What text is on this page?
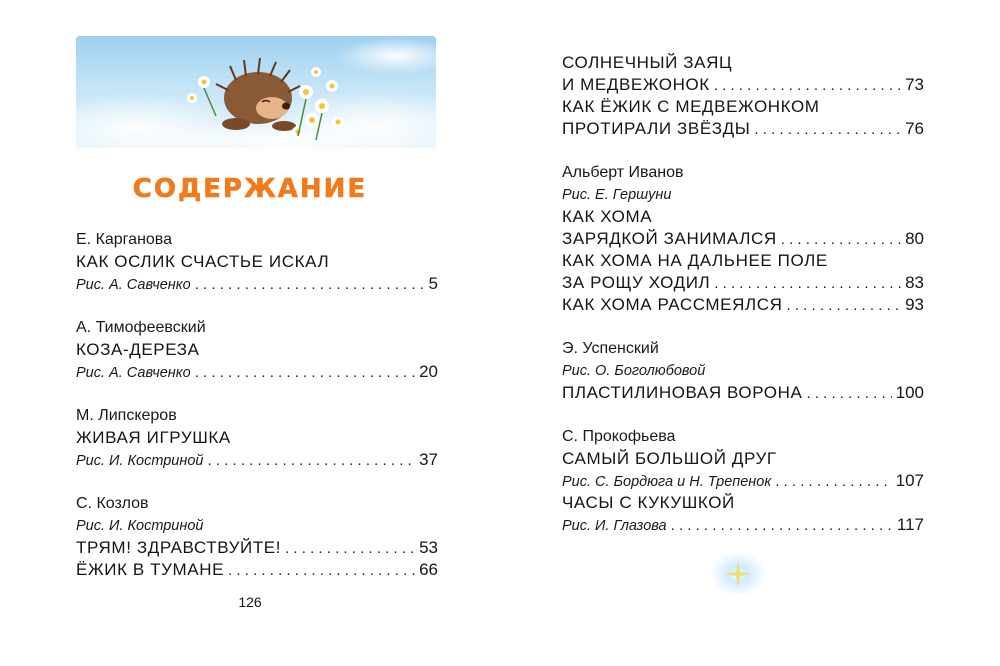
СОДЕРЖАНИЕ
Е. Карганова
КАК ОСЛИК СЧАСТЬЕ ИСКАЛ
Рис. А. Савченко . . .	5
А. Тимофеевский
КОЗА-ДЕРЕЗА
Рис. А. Савченко . . .	20
М. Липскеров
ЖИВАЯ ИГРУШКА
Рис. И. Костриной . . .	37
С. Козлов
Рис. И. Костриной
ТРЯМ! ЗДРАВСТВУЙТЕ! . . .	53
ЁЖИК В ТУМАНЕ . . .	66
126
СОЛНЕЧНЫЙ ЗАЯЦ
И МЕДВЕЖОНОК . . .	73
КАК ЁЖИК С МЕДВЕЖОНКОМ
ПРОТИРАЛИ ЗВЁЗДЫ . . .	76
Альберт Иванов
Рис. Е. Гершуни
КАК ХОМА
ЗАРЯДКОЙ ЗАНИМАЛСЯ . . .	80
КАК ХОМА НА ДАЛЬНЕЕ ПОЛЕ
ЗА РОЩУ ХОДИЛ . . .	83
КАК ХОМА РАССМЕЯЛСЯ . . .	93
Э. Успенский
Рис. О. Боголюбовой
ПЛАСТИЛИНОВАЯ ВОРОНА . . .	100
С. Прокофьева
САМЫЙ БОЛЬШОЙ ДРУГ
Рис. С. Бордюга и Н. Трепенок . . .	107
ЧАСЫ С КУКУШКОЙ
Рис. И. Глазова . . .	117
